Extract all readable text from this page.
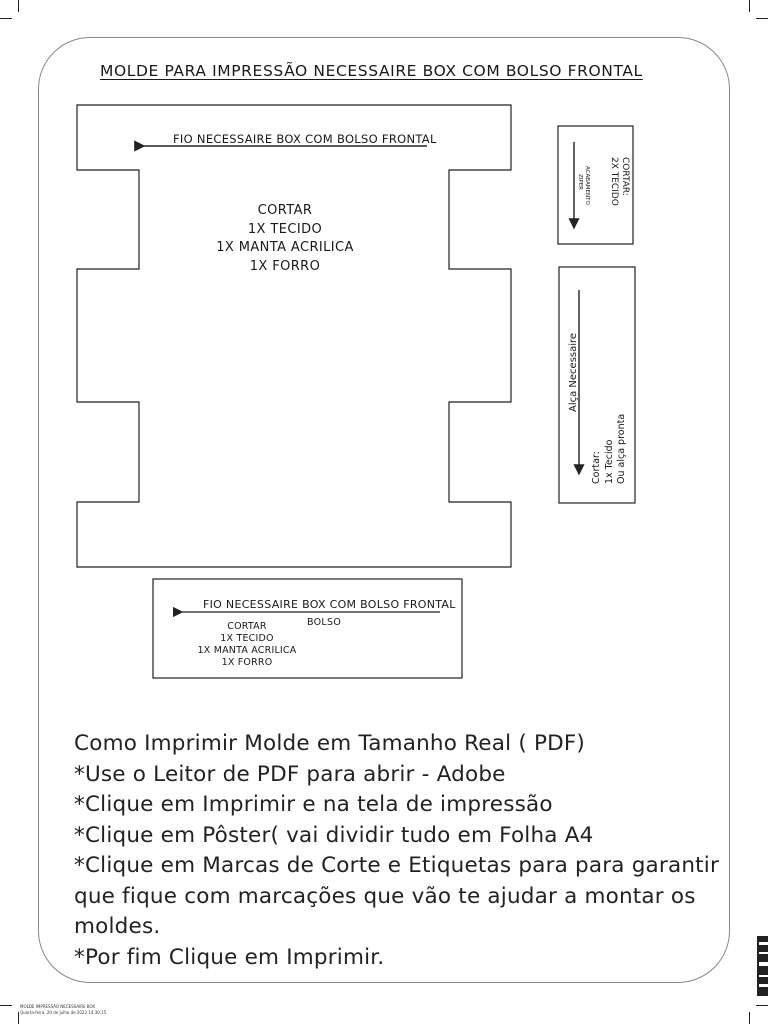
MOLDE PARA IMPRESSÃO NECESSAIRE BOX COM BOLSO FRONTAL
FIO NECESSAIRE BOX COM BOLSO FRONTAL
CORTAR
1X TECIDO
1X MANTA ACRILICA
1X FORRO
ACABAMENTO ZIPER	CORTAR:
2X TECIDO
Alça Necessaire
Cortar: 1x Tecido Ou alça pronta
FIO NECESSAIRE BOX COM BOLSO FRONTAL
BOLSO
CORTAR
1X TECIDO
1X MANTA ACRILICA
1X FORRO
Como Imprimir Molde em Tamanho Real ( PDF)
*Use o Leitor de PDF para abrir - Adobe
*Clique em Imprimir e na tela de impressão
*Clique em Pôster( vai dividir tudo em Folha A4
*Clique em Marcas de Corte e Etiquetas para para garantir
que fique com marcações que vão te ajudar a montar os
moldes.
*Por fim Clique em Imprimir.
MOLDE IMPRESSÃO NECESSAIRE BOX
Quarta-feira, 20 de Julho de 2022 14:30:15
